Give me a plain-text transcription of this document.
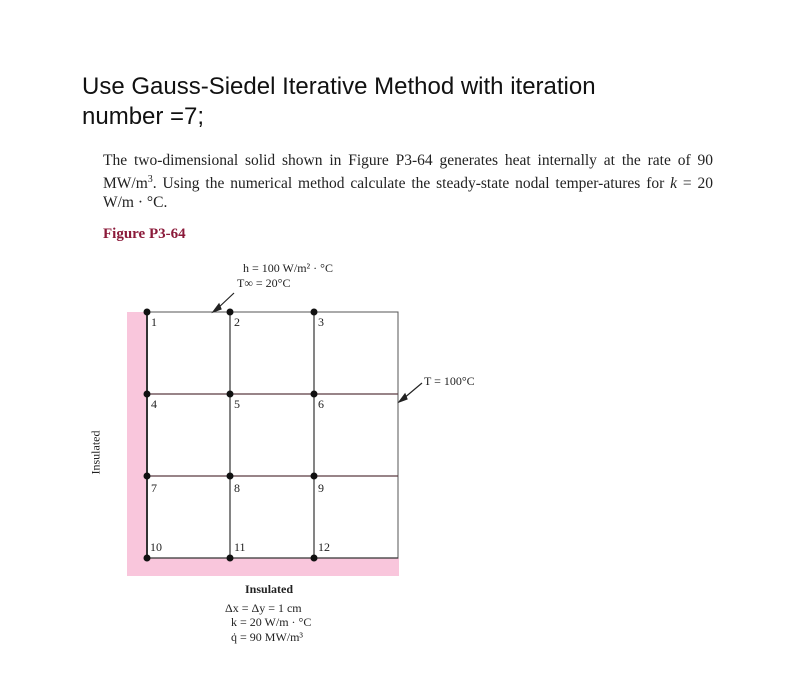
Use Gauss-Siedel Iterative Method with iteration
number =7;
The two-dimensional solid shown in Figure P3-64 generates heat internally at the rate of 90 $MW/m^3$. Using the numerical method calculate the steady-state nodal temper-atures for k = 20 W/m · °C.
Figure P3-64
1	2	3
4	5	6
7	8	9
10	11	12
h = 100 W/m² · °C
T∞ = 20°C
T = 100°C
Insulated
Insulated
Δx = Δy = 1 cm
k = 20 W/m · °C
q̇ = 90 MW/m³
